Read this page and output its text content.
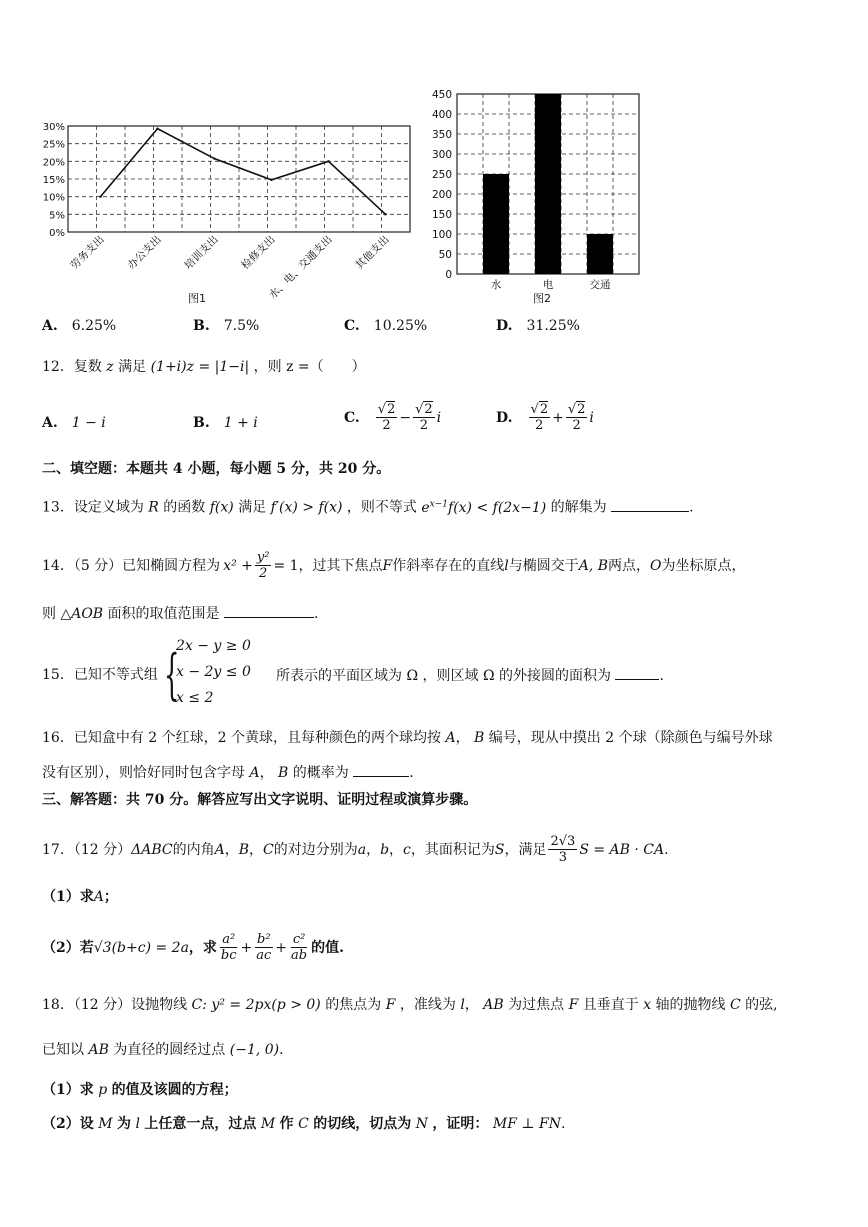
0%
5%
10%
15%
20%
25%
30%
劳务支出 办公支出 培训支出 检修支出
水、电、交通支出 其他支出
图1
0
50
100
150
200
250
300
350
400
450
水	电	交通
图2
A. 6.25%	B. 7.5%	C. 10.25%	D. 31.25%
12．复数 z 满足 (1+i)z = |1−i| ，则 z =（　　）
A. 1 − i	B. 1 + i	C. $\frac{√2}{2} - \frac{√2}{2}$ i	D. $\frac{√2}{2} + \frac{√2}{2}$ i
二、填空题：本题共 4 小题，每小题 5 分，共 20 分。
13．设定义域为 R 的函数 f(x) 满足 f′(x) > f(x) ，则不等式 $e^{x-1}f(x) < f(2x-1)$ 的解集为	.
14．（5 分）已知椭圆方程为 $x^2 + \frac{\text{y²}}{2} = 1$ ，过其下焦点 F 作斜率存在的直线 l 与椭圆交于 A, B 两点， O 为坐标原点，
则 △AOB 面积的取值范围是	.
15．已知不等式组 {
2x − y ≥ 0
x − 2y ≤ 0
x ≤ 2
所表示的平面区域为 Ω ，则区域 Ω 的外接圆的面积为	.
16．已知盒中有 2 个红球，2 个黄球，且每种颜色的两个球均按 A， B 编号，现从中摸出 2 个球（除颜色与编号外球
没有区别），则恰好同时包含字母 A， B 的概率为	.
三、解答题：共 70 分。解答应写出文字说明、证明过程或演算步骤。
17．（12 分） ΔABC 的内角 A ， B ， C 的对边分别为 a ， b ， c ，其面积记为 S ，满足 $\frac{2√3}{3}$ S = AB · CA .
（1）求A；
（2）若 √3(b+c) = 2a ，求 $\frac{\text{a²}}{bc} + \frac{\text{b²}}{ac} + \frac{\text{c²}}{ab}$ 的值.
18．（12 分）设抛物线 C: y² = 2px(p > 0) 的焦点为 F ，准线为 l， AB 为过焦点 F 且垂直于 x 轴的抛物线 C 的弦,
已知以 AB 为直径的圆经过点 (−1, 0).
（1）求 p 的值及该圆的方程；
（2）设 M 为 l 上任意一点，过点 M 作 C 的切线，切点为 N ，证明： MF ⊥ FN.
